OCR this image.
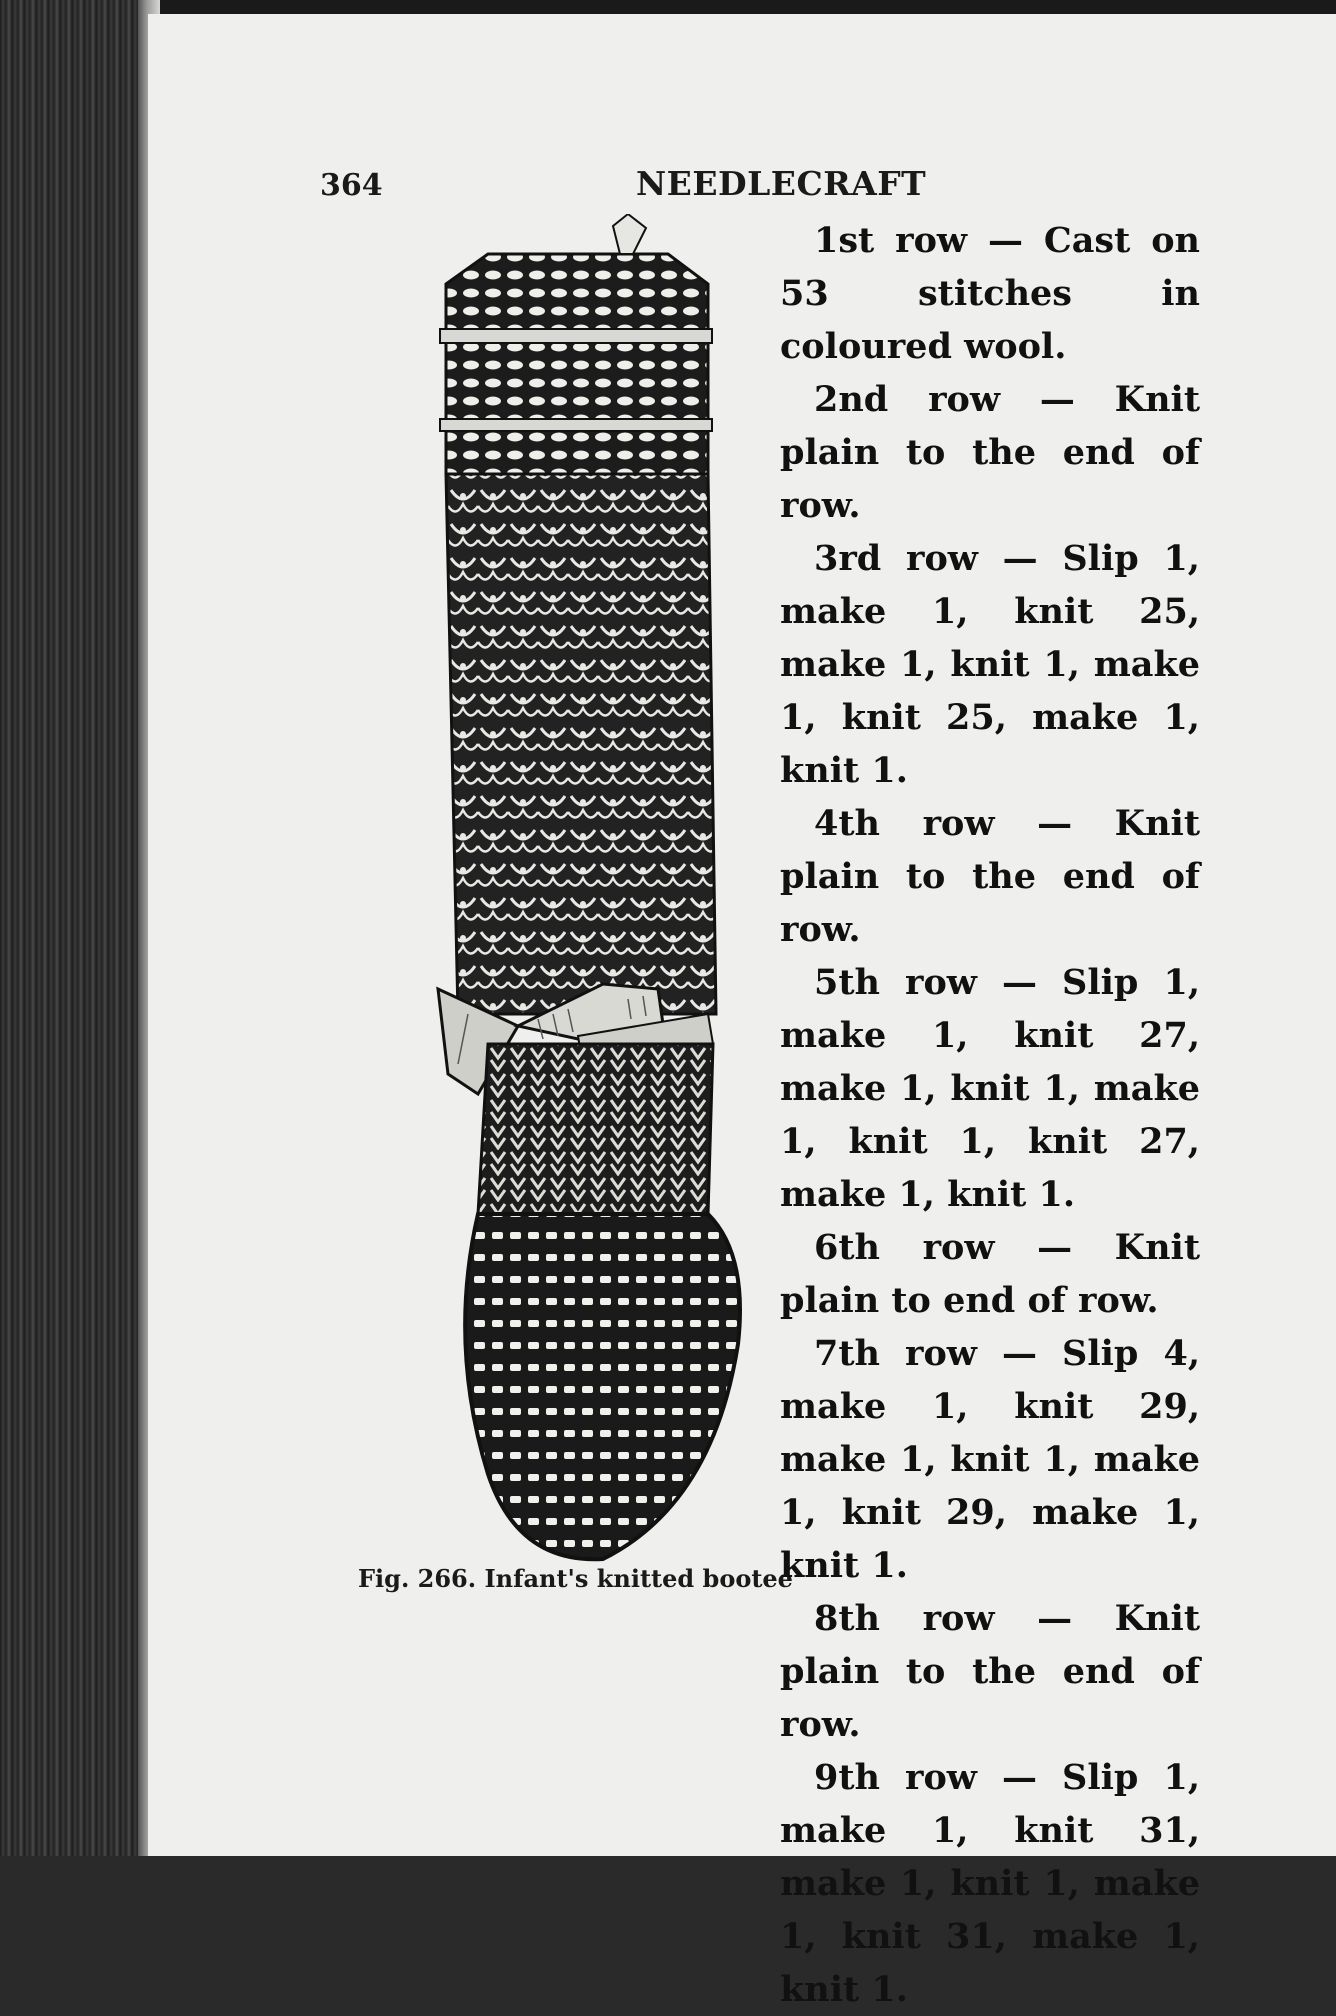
364	NEEDLECRAFT
Fig. 266. Infant's knitted bootee

1st row — Cast on 53 stitches in coloured wool.

2nd row — Knit plain to the end of row.

3rd row — Slip 1, make 1, knit 25, make 1, knit 1, make 1, knit 25, make 1, knit 1.

4th row — Knit plain to the end of row.

5th row — Slip 1, make 1, knit 27, make 1, knit 1, make 1, knit 1, knit 27, make 1, knit 1.

6th row — Knit plain to end of row.

7th row — Slip 4, make 1, knit 29, make 1, knit 1, make 1, knit 29, make 1, knit 1.

8th row — Knit plain to the end of row.

9th row — Slip 1, make 1, knit 31, make 1, knit 1, make 1, knit 31, make 1, knit 1.
